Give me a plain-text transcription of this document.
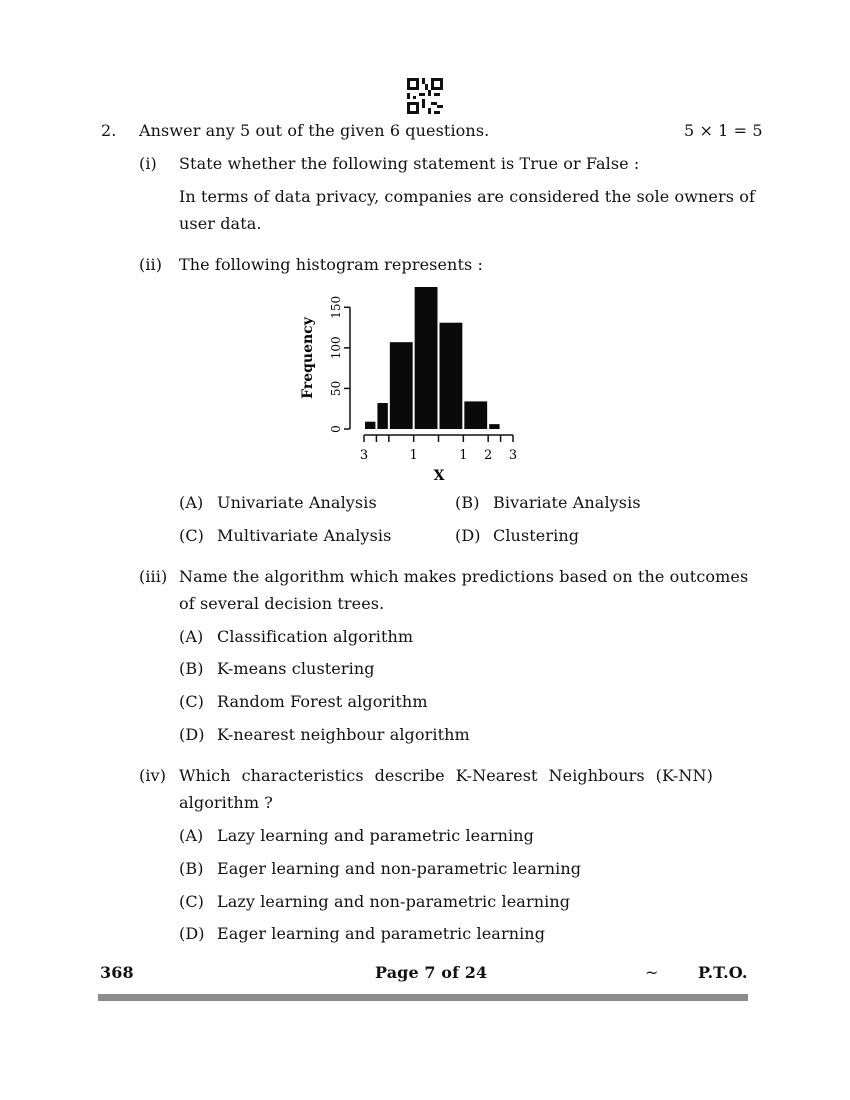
2. Answer any 5 out of the given 6 questions.	5 × 1 = 5
(i) State whether the following statement is True or False :
In terms of data privacy, companies are considered the sole owners of
user data.
(ii) The following histogram represents :
0
50
100
150
3	1	1 2 3
Frequency
X
(A) Univariate Analysis	(B) Bivariate Analysis
(C) Multivariate Analysis	(D) Clustering
(iii) Name the algorithm which makes predictions based on the outcomes
of several decision trees.
(A) Classification algorithm
(B) K-means clustering
(C) Random Forest algorithm
(D) K-nearest neighbour algorithm
(iv) Which characteristics describe K-Nearest Neighbours (K-NN)
algorithm ?
(A) Lazy learning and parametric learning
(B) Eager learning and non-parametric learning
(C) Lazy learning and non-parametric learning
(D) Eager learning and parametric learning
368	Page 7 of 24	~ P.T.O.
